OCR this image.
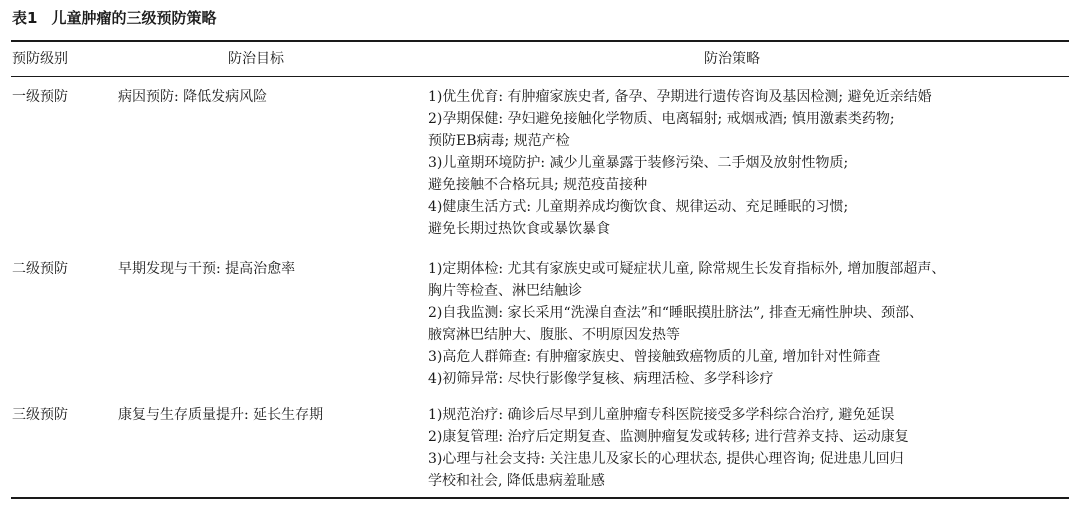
表1 儿童肿瘤的三级预防策略
预防级别	防治目标	防治策略
一级预防	病因预防: 降低发病风险	1)优生优育: 有肿瘤家族史者, 备孕、孕期进行遗传咨询及基因检测; 避免近亲结婚
2)孕期保健: 孕妇避免接触化学物质、电离辐射; 戒烟戒酒; 慎用激素类药物;
预防EB病毒; 规范产检
3)儿童期环境防护: 减少儿童暴露于装修污染、二手烟及放射性物质;
避免接触不合格玩具; 规范疫苗接种
4)健康生活方式: 儿童期养成均衡饮食、规律运动、充足睡眠的习惯;
避免长期过热饮食或暴饮暴食
二级预防	早期发现与干预: 提高治愈率	1)定期体检: 尤其有家族史或可疑症状儿童, 除常规生长发育指标外, 增加腹部超声、
胸片等检查、淋巴结触诊
2)自我监测: 家长采用“洗澡自查法”和“睡眠摸肚脐法”, 排查无痛性肿块、颈部、
腋窝淋巴结肿大、腹胀、不明原因发热等
3)高危人群筛查: 有肿瘤家族史、曾接触致癌物质的儿童, 增加针对性筛查
4)初筛异常: 尽快行影像学复核、病理活检、多学科诊疗
三级预防	康复与生存质量提升: 延长生存期	1)规范治疗: 确诊后尽早到儿童肿瘤专科医院接受多学科综合治疗, 避免延误
2)康复管理: 治疗后定期复查、监测肿瘤复发或转移; 进行营养支持、运动康复
3)心理与社会支持: 关注患儿及家长的心理状态, 提供心理咨询; 促进患儿回归
学校和社会, 降低患病羞耻感
